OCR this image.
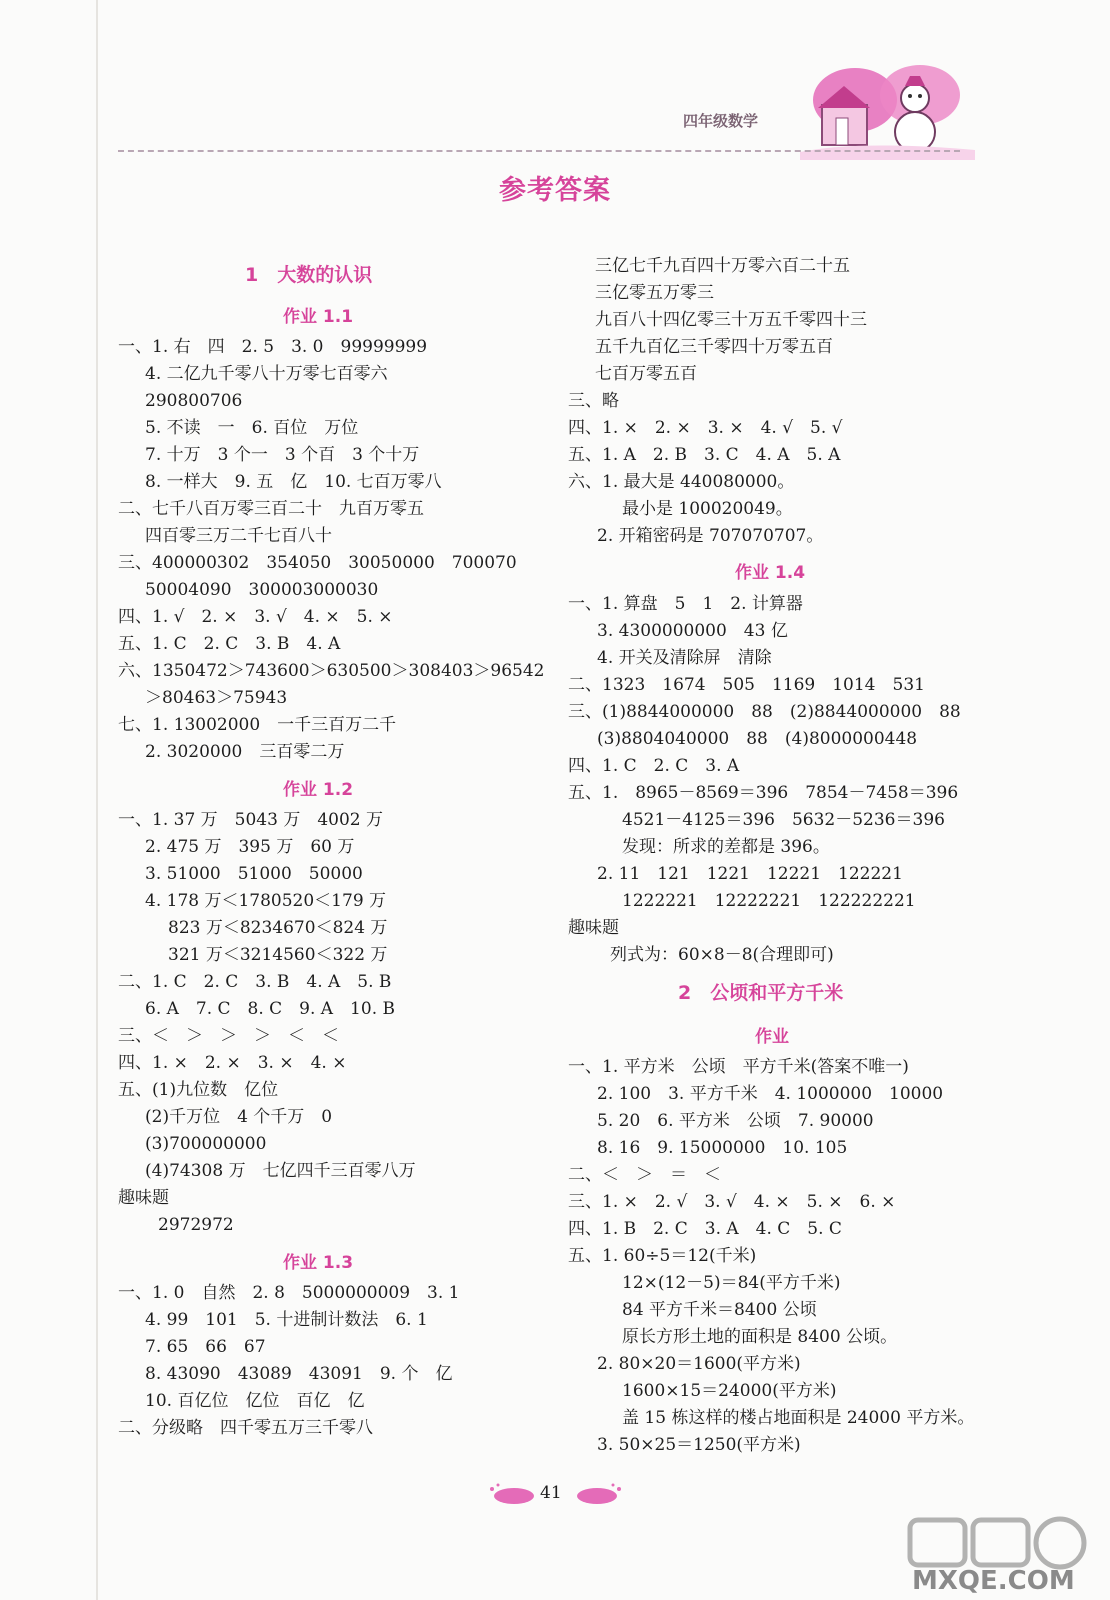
四年级数学
参考答案
1　大数的认识
作业 1.1
一、1. 右　四　2. 5　3. 0　99999999
4. 二亿九千零八十万零七百零六
290800706
5. 不读　一　6. 百位　万位
7. 十万　3 个一　3 个百　3 个十万
8. 一样大　9. 五　亿　10. 七百万零八
二、七千八百万零三百二十　九百万零五
四百零三万二千七百八十
三、400000302　354050　30050000　700070
50004090　300003000030
四、1. √　2. ×　3. √　4. ×　5. ×
五、1. C　2. C　3. B　4. A
六、1350472＞743600＞630500＞308403＞96542
＞80463＞75943
七、1. 13002000　一千三百万二千
2. 3020000　三百零二万
作业 1.2
一、1. 37 万　5043 万　4002 万
2. 475 万　395 万　60 万
3. 51000　51000　50000
4. 178 万＜1780520＜179 万
823 万＜8234670＜824 万
321 万＜3214560＜322 万
二、1. C　2. C　3. B　4. A　5. B
6. A　7. C　8. C　9. A　10. B
三、＜　＞　＞　＞　＜　＜
四、1. ×　2. ×　3. ×　4. ×
五、(1)九位数　亿位
(2)千万位　4 个千万　0
(3)700000000
(4)74308 万　七亿四千三百零八万
趣味题
2972972
作业 1.3
一、1. 0　自然　2. 8　5000000009　3. 1
4. 99　101　5. 十进制计数法　6. 1
7. 65　66　67
8. 43090　43089　43091　9. 个　亿
10. 百亿位　亿位　百亿　亿
二、分级略　四千零五万三千零八
三亿七千九百四十万零六百二十五
三亿零五万零三
九百八十四亿零三十万五千零四十三
五千九百亿三千零四十万零五百
七百万零五百
三、略
四、1. ×　2. ×　3. ×　4. √　5. √
五、1. A　2. B　3. C　4. A　5. A
六、1. 最大是 440080000。
最小是 100020049。
2. 开箱密码是 707070707。
作业 1.4
一、1. 算盘　5　1　2. 计算器
3. 4300000000　43 亿
4. 开关及清除屏　清除
二、1323　1674　505　1169　1014　531
三、(1)8844000000　88　(2)8844000000　88
(3)8804040000　88　(4)8000000448
四、1. C　2. C　3. A
五、1.　8965－8569＝396　7854－7458＝396
4521－4125＝396　5632－5236＝396
发现：所求的差都是 396。
2. 11　121　1221　12221　122221
1222221　12222221　122222221
趣味题
列式为：60×8－8(合理即可)
2　公顷和平方千米
作业
一、1. 平方米　公顷　平方千米(答案不唯一)
2. 100　3. 平方千米　4. 1000000　10000
5. 20　6. 平方米　公顷　7. 90000
8. 16　9. 15000000　10. 105
二、＜　＞　＝　＜
三、1. ×　2. √　3. √　4. ×　5. ×　6. ×
四、1. B　2. C　3. A　4. C　5. C
五、1. 60÷5＝12(千米)
12×(12－5)＝84(平方千米)
84 平方千米＝8400 公顷
原长方形土地的面积是 8400 公顷。
2. 80×20＝1600(平方米)
1600×15＝24000(平方米)
盖 15 栋这样的楼占地面积是 24000 平方米。
3. 50×25＝1250(平方米)
41
MXQE.COM
